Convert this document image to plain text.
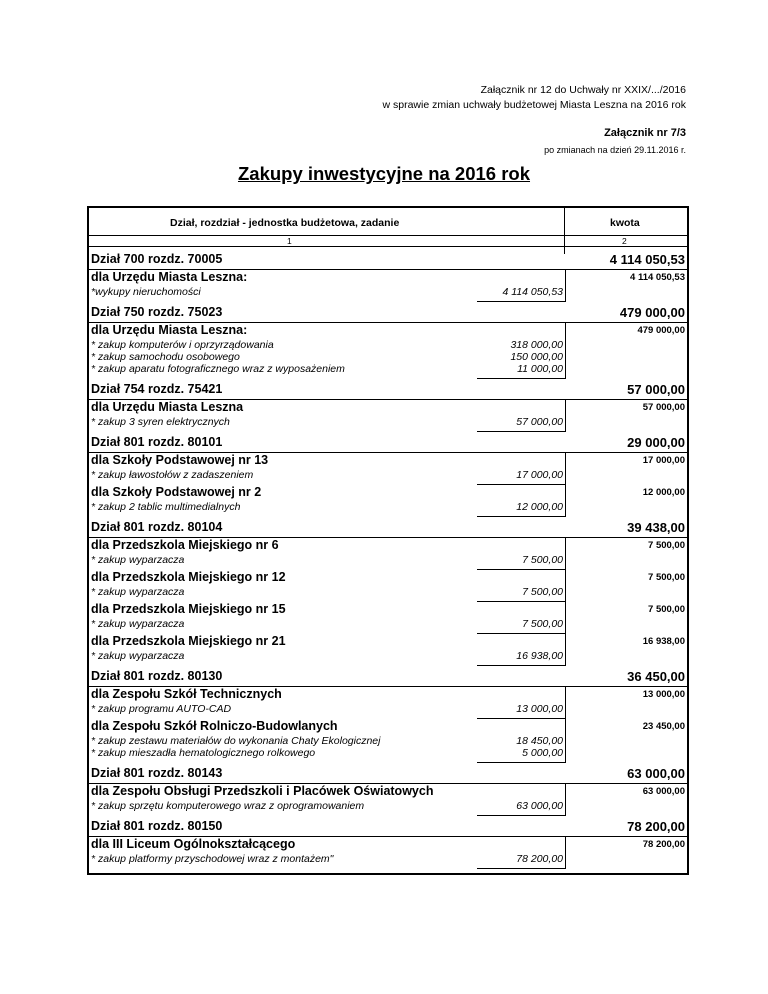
Załącznik nr 12 do Uchwały nr XXIX/.../2016
w sprawie zmian uchwały budżetowej Miasta Leszna na 2016 rok
Załącznik nr 7/3
po zmianach na dzień 29.11.2016 r.
Zakupy inwestycyjne na 2016 rok
Dział, rozdział - jednostka budżetowa, zadanie	kwota
1	2
Dział 700 rozdz. 70005	4 114 050,53
dla Urzędu Miasta Leszna:	4 114 050,53
*wykupy nieruchomości	4 114 050,53
Dział 750 rozdz. 75023	479 000,00
dla Urzędu Miasta Leszna:	479 000,00
* zakup komputerów i oprzyrządowania	318 000,00
* zakup samochodu osobowego	150 000,00
* zakup aparatu fotograficznego wraz z wyposażeniem	11 000,00
Dział 754 rozdz. 75421	57 000,00
dla Urzędu Miasta Leszna	57 000,00
* zakup 3 syren elektrycznych	57 000,00
Dział 801 rozdz. 80101	29 000,00
dla Szkoły Podstawowej nr 13	17 000,00
* zakup ławostołów z zadaszeniem	17 000,00
dla Szkoły Podstawowej nr 2	12 000,00
* zakup 2 tablic multimedialnych	12 000,00
Dział 801 rozdz. 80104	39 438,00
dla Przedszkola Miejskiego nr 6	7 500,00
* zakup wyparzacza	7 500,00
dla Przedszkola Miejskiego nr 12	7 500,00
* zakup wyparzacza	7 500,00
dla Przedszkola Miejskiego nr 15	7 500,00
* zakup wyparzacza	7 500,00
dla Przedszkola Miejskiego nr 21	16 938,00
* zakup wyparzacza	16 938,00
Dział 801 rozdz. 80130	36 450,00
dla Zespołu Szkół Technicznych	13 000,00
* zakup programu AUTO-CAD	13 000,00
dla Zespołu Szkół Rolniczo-Budowlanych	23 450,00
* zakup zestawu materiałów do wykonania Chaty Ekologicznej	18 450,00
* zakup mieszadła hematologicznego rolkowego	5 000,00
Dział 801 rozdz. 80143	63 000,00
dla Zespołu Obsługi Przedszkoli i Placówek Oświatowych	63 000,00
* zakup sprzętu komputerowego wraz z oprogramowaniem	63 000,00
Dział 801 rozdz. 80150	78 200,00
dla III Liceum Ogólnokształcącego	78 200,00
* zakup platformy przyschodowej wraz z montażem"	78 200,00
